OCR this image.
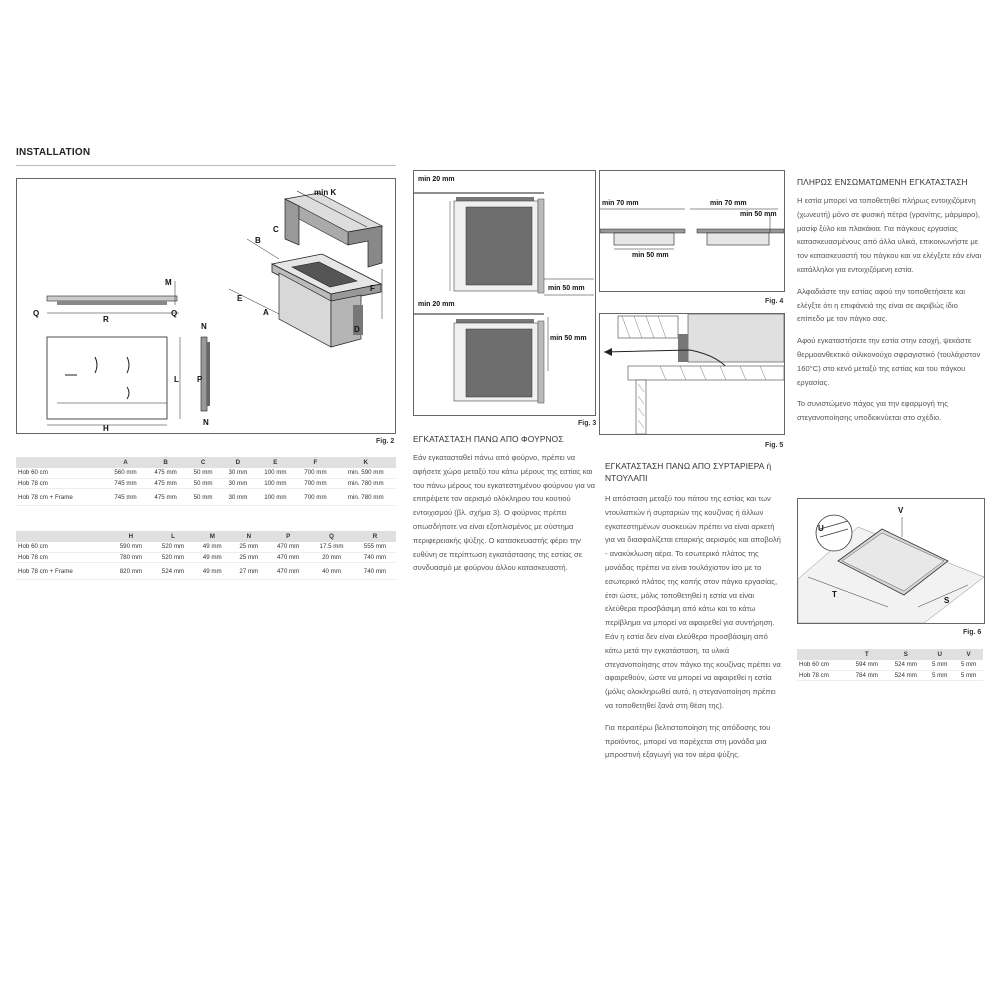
INSTALLATION
min K
B
C
E
A
F
D
M
Q
R
Q
H
L P
N
N
Fig. 2
	A	B	C	D	E	F	K
Hob 60 cm	560 mm	475 mm	50 mm	30 mm	100 mm	700 mm	min. 590 mm
Hob 78 cm	745 mm	475 mm	50 mm	30 mm	100 mm	700 mm	min. 780 mm
Hob 78 cm + Frame	745 mm	475 mm	50 mm	30 mm	100 mm	700 mm	min. 780 mm
	H	L	M	N	P	Q	R
Hob 60 cm	590 mm	520 mm	49 mm	25 mm	470 mm	17.5 mm	555 mm
Hob 78 cm	780 mm	520 mm	49 mm	25 mm	470 mm	20 mm	740 mm
Hob 78 cm + Frame	820 mm	524 mm	49 mm	27 mm	470 mm	40 mm	740 mm
min 20 mm
min 50 mm
min 20 mm
min 50 mm
Fig. 3
min 70 mm
min 50 mm
min 70 mm
min 50 mm
Fig. 4
Fig. 5
ΕΓΚΑΤΑΣΤΑΣΗ ΠΑΝΩ ΑΠΟ ΦΟΥΡΝΟΣ

Εάν εγκατασταθεί πάνω από φούρνο, πρέπει να αφήσετε χώρο μεταξύ του κάτω μέρους της εστίας και του πάνω μέρους του εγκατεστημένου φούρνου για να επιτρέψετε τον αερισμό ολόκληρου του κουτιού εντοιχισμού (βλ. σχήμα 3). Ο φούρνος πρέπει οπωσδήποτε να είναι εξοπλισμένος με σύστημα περιφερειακής ψύξης. Ο κατασκευαστής φέρει την ευθύνη σε περίπτωση εγκατάστασης της εστίας σε συνδυασμό με φούρνου άλλου κατασκευαστή.

ΕΓΚΑΤΑΣΤΑΣΗ ΠΑΝΩ ΑΠΟ ΣΥΡΤΑΡΙΕΡΑ ή ΝΤΟΥΛΑΠΙ

Η απόσταση μεταξύ του πάτου της εστίας και των ντουλαπιών ή συρταριών της κουζίνας ή άλλων εγκατεστημένων συσκευών πρέπει να είναι αρκετή για να διασφαλίζεται επαρκής αερισμός και αποβολή - ανακύκλωση αέρα. Το εσωτερικό πλάτος της μονάδας πρέπει να είναι τουλάχιστον ίσο με το εσωτερικό πλάτος της κοπής στον πάγκο εργασίας, έτσι ώστε, μόλις τοποθετηθεί η εστία να είναι ελεύθερα προσβάσιμη από κάτω και το κάτω περίβλημα να μπορεί να αφαιρεθεί για συντήρηση. Εάν η εστία δεν είναι ελεύθερα προσβάσιμη από κάτω μετά την εγκατάσταση, τα υλικά στεγανοποίησης στον πάγκο της κουζίνας πρέπει να αφαιρεθούν, ώστε να μπορεί να αφαιρεθεί η εστία (μόλις ολοκληρωθεί αυτό, η στεγανοποίηση πρέπει να τοποθετηθεί ξανά στη θέση της).

Για περαιτέρω βελτιστοποίηση της απόδοσης του προϊόντος, μπορεί να παρέχεται στη μονάδα μια μπροστινή εξαγωγή για τον αέρα ψύξης.

ΠΛΗΡΩΣ ΕΝΣΩΜΑΤΩΜΕΝΗ ΕΓΚΑΤΑΣΤΑΣΗ

Η εστία μπορεί να τοποθετηθεί πλήρως εντοιχιζόμενη (χωνευτή) μόνο σε φυσική πέτρα (γρανίτης, μάρμαρο), μασίφ ξύλο και πλακάκια. Για πάγκους εργασίας κατασκευασμένους από άλλα υλικά, επικοινωνήστε με τον κατασκευαστή του πάγκου και να ελέγξετε εάν είναι κατάλληλοι για εντοιχιζόμενη εστία.

Αλφαδιάστε την εστίας αφού την τοποθετήσετε και ελέγξτε ότι η επιφάνειά της είναι σε ακριβώς ίδιο επίπεδο με τον πάγκο σας.

Αφού εγκαταστήσετε την εστία στην εσοχή, ψεκάστε θερμοανθεκτικό σιλικονούχο σφραγιστικό (τουλάχιστον 160°C) στο κενό μεταξύ της εστίας και του πάγκου εργασίας.

Το συνιστώμενο πάχος για την εφαρμογή της στεγανοποίησης υποδεικνύεται στο σχέδιο.

U
V
T
S
Fig. 6
	T	S	U	V
Hob 60 cm	594 mm	524 mm	5 mm	5 mm
Hob 78 cm	784 mm	524 mm	5 mm	5 mm
